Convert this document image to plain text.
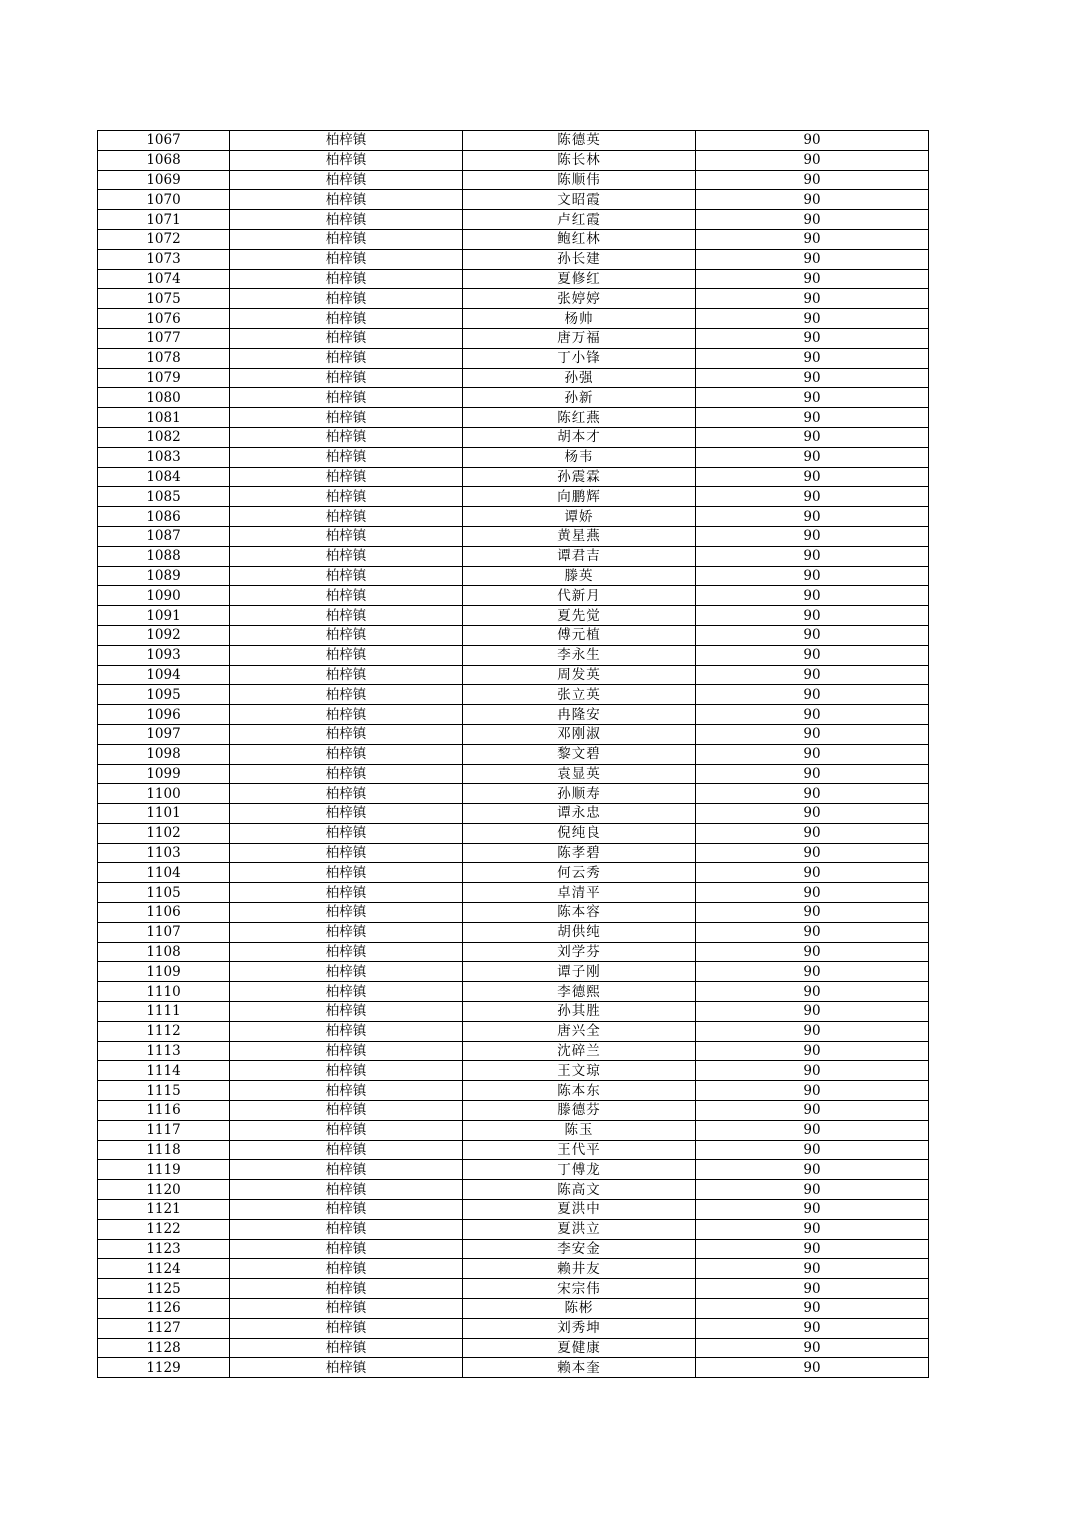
1067	柏梓镇	陈德英	90
1068	柏梓镇	陈长林	90
1069	柏梓镇	陈顺伟	90
1070	柏梓镇	文昭霞	90
1071	柏梓镇	卢红霞	90
1072	柏梓镇	鲍红林	90
1073	柏梓镇	孙长建	90
1074	柏梓镇	夏修红	90
1075	柏梓镇	张婷婷	90
1076	柏梓镇	杨帅	90
1077	柏梓镇	唐万福	90
1078	柏梓镇	丁小锋	90
1079	柏梓镇	孙强	90
1080	柏梓镇	孙新	90
1081	柏梓镇	陈红燕	90
1082	柏梓镇	胡本才	90
1083	柏梓镇	杨韦	90
1084	柏梓镇	孙震霖	90
1085	柏梓镇	向鹏辉	90
1086	柏梓镇	谭娇	90
1087	柏梓镇	黄星燕	90
1088	柏梓镇	谭君吉	90
1089	柏梓镇	滕英	90
1090	柏梓镇	代新月	90
1091	柏梓镇	夏先觉	90
1092	柏梓镇	傅元植	90
1093	柏梓镇	李永生	90
1094	柏梓镇	周发英	90
1095	柏梓镇	张立英	90
1096	柏梓镇	冉隆安	90
1097	柏梓镇	邓刚淑	90
1098	柏梓镇	黎文碧	90
1099	柏梓镇	袁显英	90
1100	柏梓镇	孙顺寿	90
1101	柏梓镇	谭永忠	90
1102	柏梓镇	倪纯良	90
1103	柏梓镇	陈孝碧	90
1104	柏梓镇	何云秀	90
1105	柏梓镇	卓清平	90
1106	柏梓镇	陈本容	90
1107	柏梓镇	胡供纯	90
1108	柏梓镇	刘学芬	90
1109	柏梓镇	谭子刚	90
1110	柏梓镇	李德熙	90
1111	柏梓镇	孙其胜	90
1112	柏梓镇	唐兴全	90
1113	柏梓镇	沈碎兰	90
1114	柏梓镇	王文琼	90
1115	柏梓镇	陈本东	90
1116	柏梓镇	滕德芬	90
1117	柏梓镇	陈玉	90
1118	柏梓镇	王代平	90
1119	柏梓镇	丁傅龙	90
1120	柏梓镇	陈高文	90
1121	柏梓镇	夏洪中	90
1122	柏梓镇	夏洪立	90
1123	柏梓镇	李安金	90
1124	柏梓镇	赖井友	90
1125	柏梓镇	宋宗伟	90
1126	柏梓镇	陈彬	90
1127	柏梓镇	刘秀坤	90
1128	柏梓镇	夏健康	90
1129	柏梓镇	赖本奎	90
